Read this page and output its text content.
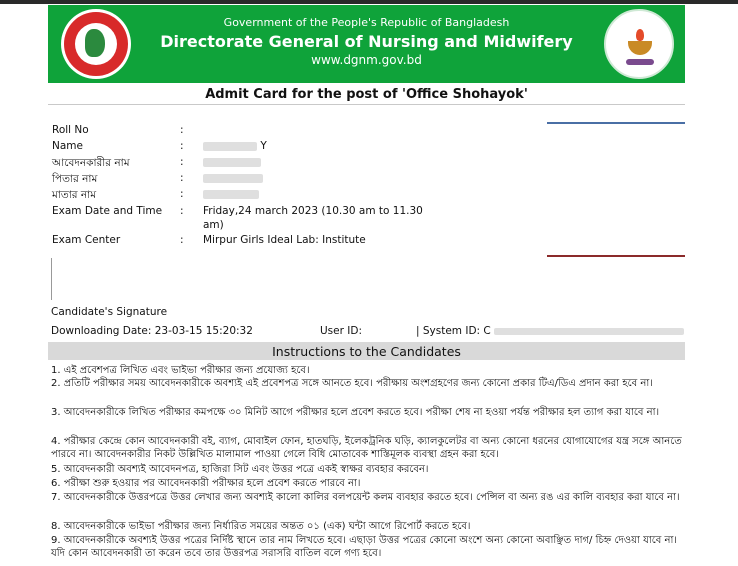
Government of the People's Republic of Bangladesh
Directorate General of Nursing and Midwifery
www.dgnm.gov.bd
Admit Card for the post of 'Office Shohayok'
Roll No	:
Name	:	Y
আবেদনকারীর নাম	:
পিতার নাম	:
মাতার নাম	:
Exam Date and Time : Friday,24 march 2023 (10.30 am to 11.30
am)
Exam Center	: Mirpur Girls Ideal Lab: Institute
Candidate's Signature
Downloading Date: 23-03-15 15:20:32	User ID:	| System ID: C
Instructions to the Candidates
1. এই প্রবেশপত্র লিখিত এবং ভাইভা পরীক্ষার জন্য প্রযোজ্য হবে।
2. প্রতিটি পরীক্ষার সময় আবেদনকারীকে অবশ্যই এই প্রবেশপত্র সঙ্গে আনতে হবে। পরীক্ষায় অংশগ্রহণের জন্য কোনো প্রকার টিএ/ডিএ প্রদান করা হবে না।
3. আবেদনকারীকে লিখিত পরীক্ষার কমপক্ষে ৩০ মিনিট আগে পরীক্ষার হলে প্রবেশ করতে হবে। পরীক্ষা শেষ না হওয়া পর্যন্ত পরীক্ষার হল ত্যাগ করা যাবে না।
4. পরীক্ষার কেন্দ্রে কোন আবেদনকারী বই, ব্যাগ, মোবাইল ফোন, হাতঘড়ি, ইলেকট্রনিক ঘড়ি, ক্যালকুলেটর বা অন্য কোনো ধরনের যোগাযোগের যন্ত্র সঙ্গে আনতে পারবে না। আবেদনকারীর নিকট উল্লিখিত মালামাল পাওয়া গেলে বিধি মোতাবেক শাস্তিমূলক ব্যবস্থা গ্রহন করা হবে।
5. আবেদনকারী অবশ্যই আবেদনপত্র, হাজিরা সিট এবং উত্তর পত্রে একই স্বাক্ষর ব্যবহার করবেন।
6. পরীক্ষা শুরু হওয়ার পর আবেদনকারী পরীক্ষার হলে প্রবেশ করতে পারবে না।
7. আবেদনকারীকে উত্তরপত্রে উত্তর লেখার জন্য অবশ্যই কালো কালির বলপয়েন্ট কলম ব্যবহার করতে হবে। পেন্সিল বা অন্য রঙ এর কালি ব্যবহার করা যাবে না।
8. আবেদনকারীকে ভাইভা পরীক্ষার জন্য নির্ধারিত সময়ের অন্তত ০১ (এক) ঘন্টা আগে রিপোর্ট করতে হবে।
9. আবেদনকারীকে অবশ্যই উত্তর পত্রের নির্দিষ্ট স্থানে তার নাম লিখতে হবে। এছাড়া উত্তর পত্রের কোনো অংশে অন্য কোনো অবাঞ্ছিত দাগ/ চিহ্ন দেওয়া যাবে না। যদি কোন আবেদনকারী তা করেন তবে তার উত্তরপত্র সরাসরি বাতিল বলে গণ্য হবে।
